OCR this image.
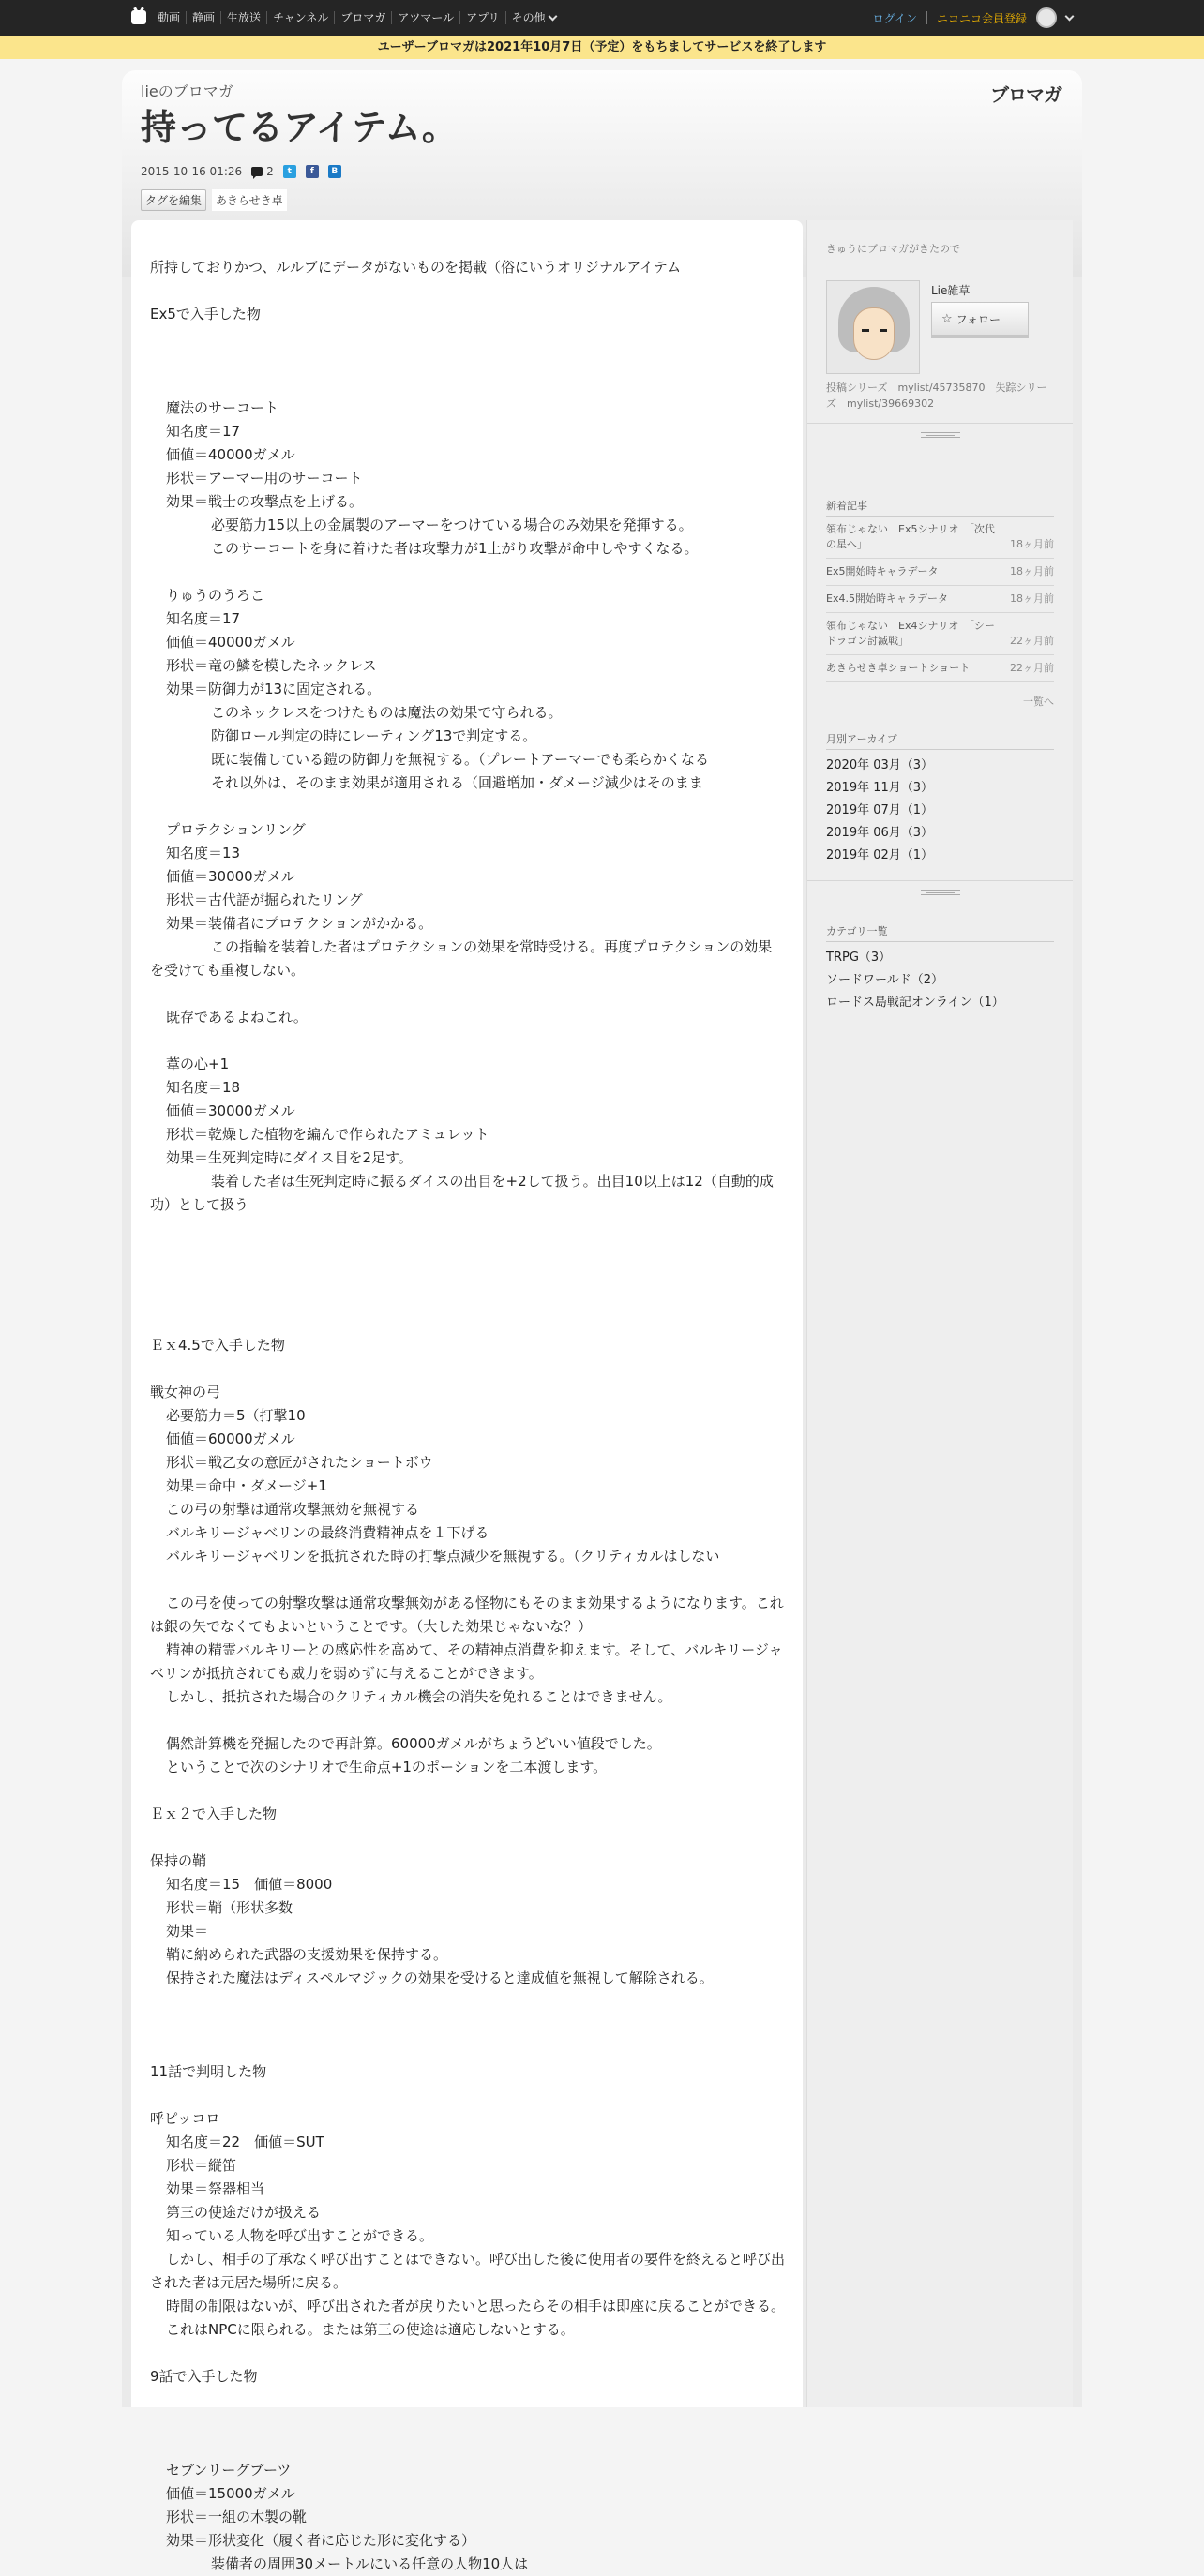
動画	静画	生放送	チャンネル	ブロマガ	アツマール	アプリ	その他	ログイン ニコニコ会員登録
ユーザーブロマガは2021年10月7日（予定）をもちましてサービスを終了します
lieのブロマガ	ブロマガ
持ってるアイテム。
2015-10-16 01:26 2	t	f	B
タグを編集	あきらせき卓
所持しておりかつ、ルルブにデータがないものを掲載（俗にいうオリジナルアイテム
Ex5で入手した物
魔法のサーコート
知名度＝17
価値＝40000ガメル
形状＝アーマー用のサーコート
効果＝戦士の攻撃点を上げる。
必要筋力15以上の金属製のアーマーをつけている場合のみ効果を発揮する。
このサーコートを身に着けた者は攻撃力が1上がり攻撃が命中しやすくなる。
りゅうのうろこ
知名度＝17
価値＝40000ガメル
形状＝竜の鱗を模したネックレス
効果＝防御力が13に固定される。
このネックレスをつけたものは魔法の効果で守られる。
防御ロール判定の時にレーティング13で判定する。
既に装備している鎧の防御力を無視する。（プレートアーマーでも柔らかくなる
それ以外は、そのまま効果が適用される（回避増加・ダメージ減少はそのまま
プロテクションリング
知名度＝13
価値＝30000ガメル
形状＝古代語が掘られたリング
効果＝装備者にプロテクションがかかる。
この指輪を装着した者はプロテクションの効果を常時受ける。再度プロテクションの効果を受けても重複しない。
既存であるよねこれ。
葦の心+1
知名度＝18
価値＝30000ガメル
形状＝乾燥した植物を編んで作られたアミュレット
効果＝生死判定時にダイス目を2足す。
装着した者は生死判定時に振るダイスの出目を+2して扱う。出目10以上は12（自動的成功）として扱う
Ｅｘ4.5で入手した物
戦女神の弓
必要筋力＝5（打撃10
価値＝60000ガメル
形状＝戦乙女の意匠がされたショートボウ
効果＝命中・ダメージ+1
この弓の射撃は通常攻撃無効を無視する
バルキリージャベリンの最終消費精神点を１下げる
バルキリージャベリンを抵抗された時の打撃点減少を無視する。（クリティカルはしない
この弓を使っての射撃攻撃は通常攻撃無効がある怪物にもそのまま効果するようになります。これは銀の矢でなくてもよいということです。（大した効果じゃないな？）
精神の精霊バルキリーとの感応性を高めて、その精神点消費を抑えます。そして、バルキリージャベリンが抵抗されても威力を弱めずに与えることができます。
しかし、抵抗された場合のクリティカル機会の消失を免れることはできません。
偶然計算機を発掘したので再計算。60000ガメルがちょうどいい値段でした。
ということで次のシナリオで生命点+1のポーションを二本渡します。
Ｅｘ２で入手した物
保持の鞘
知名度＝15　価値＝8000
形状＝鞘（形状多数
効果＝
鞘に納められた武器の支援効果を保持する。
保持された魔法はディスペルマジックの効果を受けると達成値を無視して解除される。
11話で判明した物
呼ピッコロ
知名度＝22　価値＝SUT
形状＝縦笛
効果＝祭器相当
第三の使途だけが扱える
知っている人物を呼び出すことができる。
しかし、相手の了承なく呼び出すことはできない。呼び出した後に使用者の要件を終えると呼び出された者は元居た場所に戻る。
時間の制限はないが、呼び出された者が戻りたいと思ったらその相手は即座に戻ることができる。
これはNPCに限られる。または第三の使途は適応しないとする。
9話で入手した物
セブンリーグブーツ
価値＝15000ガメル
形状＝一組の木製の靴
効果＝形状変化（履く者に応じた形に変化する）
装備者の周囲30メートルにいる任意の人物10人は
きゅうにブロマガがきたので
Lie雑草
☆ フォロー
投稿シリーズ　mylist/45735870　失踪シリーズ　mylist/39669302
新着記事
領布じゃない　Ex5シナリオ　「次代の星へ」	18ヶ月前
Ex5開始時キャラデータ	18ヶ月前
Ex4.5開始時キャラデータ	18ヶ月前
領布じゃない　Ex4シナリオ　「シードラゴン討滅戦」	22ヶ月前
あきらせき卓ショートショート	22ヶ月前
一覧へ
月別アーカイブ
2020年 03月（3）
2019年 11月（3）
2019年 07月（1）
2019年 06月（3）
2019年 02月（1）
カテゴリ一覧
TRPG（3）
ソードワールド（2）
ロードス島戦記オンライン（1）
